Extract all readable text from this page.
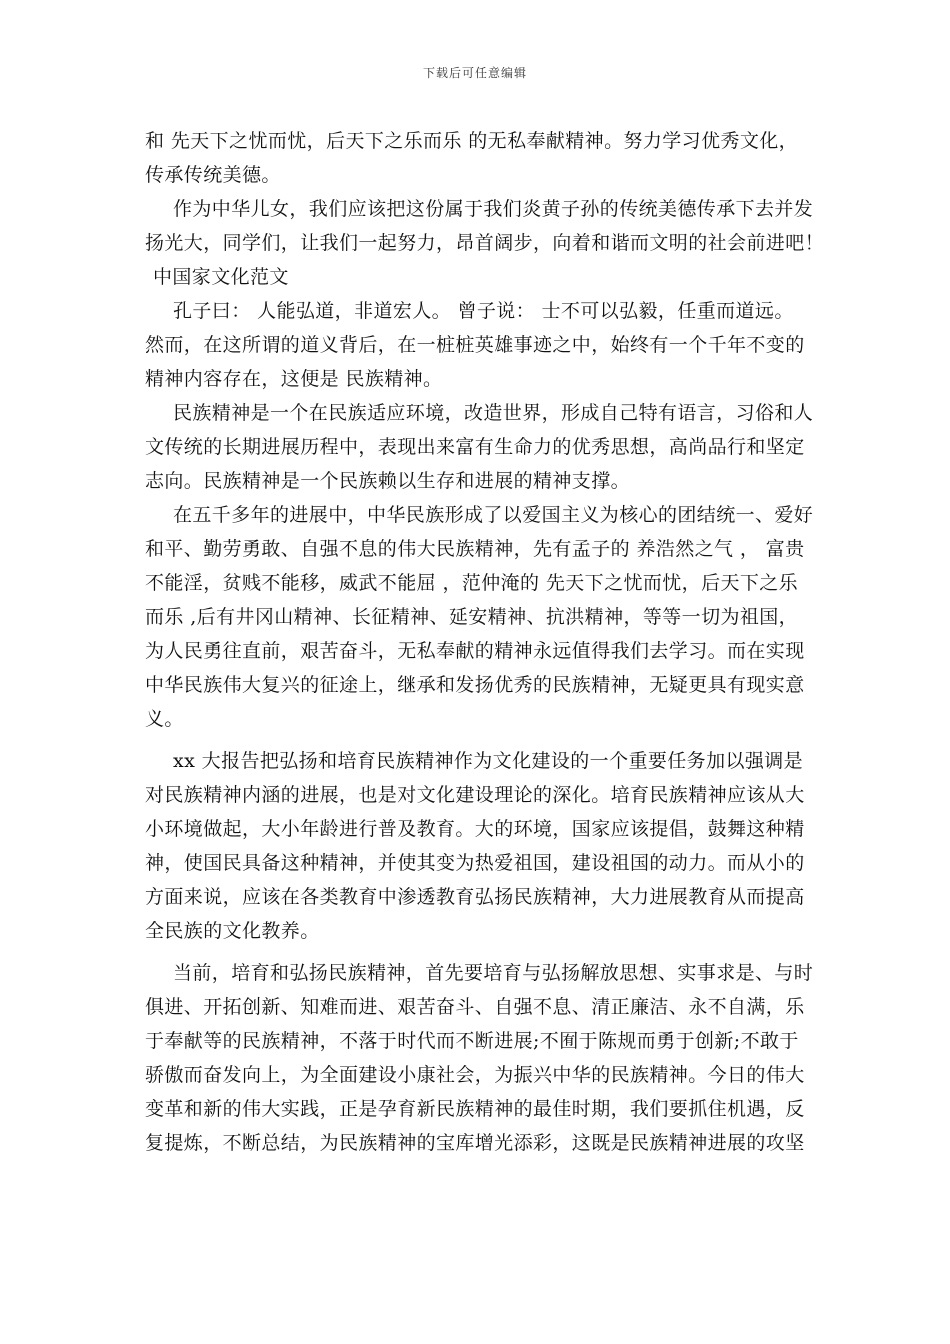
下载后可任意编辑
和 先天下之忧而忧，后天下之乐而乐 的无私奉献精神。努力学习优秀文化，
传承传统美德。
作为中华儿女，我们应该把这份属于我们炎黄子孙的传统美德传承下去并发
扬光大，同学们，让我们一起努力，昂首阔步，向着和谐而文明的社会前进吧！
中国家文化范文
孔子曰： 人能弘道，非道宏人。 曾子说： 士不可以弘毅，任重而道远。
然而，在这所谓的道义背后，在一桩桩英雄事迹之中，始终有一个千年不变的
精神内容存在，这便是 民族精神。
民族精神是一个在民族适应环境，改造世界，形成自己特有语言，习俗和人
文传统的长期进展历程中，表现出来富有生命力的优秀思想，高尚品行和坚定
志向。民族精神是一个民族赖以生存和进展的精神支撑。
在五千多年的进展中，中华民族形成了以爱国主义为核心的团结统一、爱好
和平、勤劳勇敢、自强不息的伟大民族精神，先有孟子的 养浩然之气 ， 富贵
不能淫，贫贱不能移，威武不能屈 ，范仲淹的 先天下之忧而忧，后天下之乐
而乐 ,后有井冈山精神、长征精神、延安精神、抗洪精神，等等一切为祖国，
为人民勇往直前，艰苦奋斗，无私奉献的精神永远值得我们去学习。而在实现
中华民族伟大复兴的征途上，继承和发扬优秀的民族精神，无疑更具有现实意
义。
xx 大报告把弘扬和培育民族精神作为文化建设的一个重要任务加以强调是
对民族精神内涵的进展，也是对文化建设理论的深化。培育民族精神应该从大
小环境做起，大小年龄进行普及教育。大的环境，国家应该提倡，鼓舞这种精
神，使国民具备这种精神，并使其变为热爱祖国，建设祖国的动力。而从小的
方面来说，应该在各类教育中渗透教育弘扬民族精神，大力进展教育从而提高
全民族的文化教养。
当前，培育和弘扬民族精神，首先要培育与弘扬解放思想、实事求是、与时
俱进、开拓创新、知难而进、艰苦奋斗、自强不息、清正廉洁、永不自满，乐
于奉献等的民族精神，不落于时代而不断进展;不囿于陈规而勇于创新;不敢于
骄傲而奋发向上，为全面建设小康社会，为振兴中华的民族精神。今日的伟大
变革和新的伟大实践，正是孕育新民族精神的最佳时期，我们要抓住机遇，反
复提炼，不断总结，为民族精神的宝库增光添彩，这既是民族精神进展的攻坚
